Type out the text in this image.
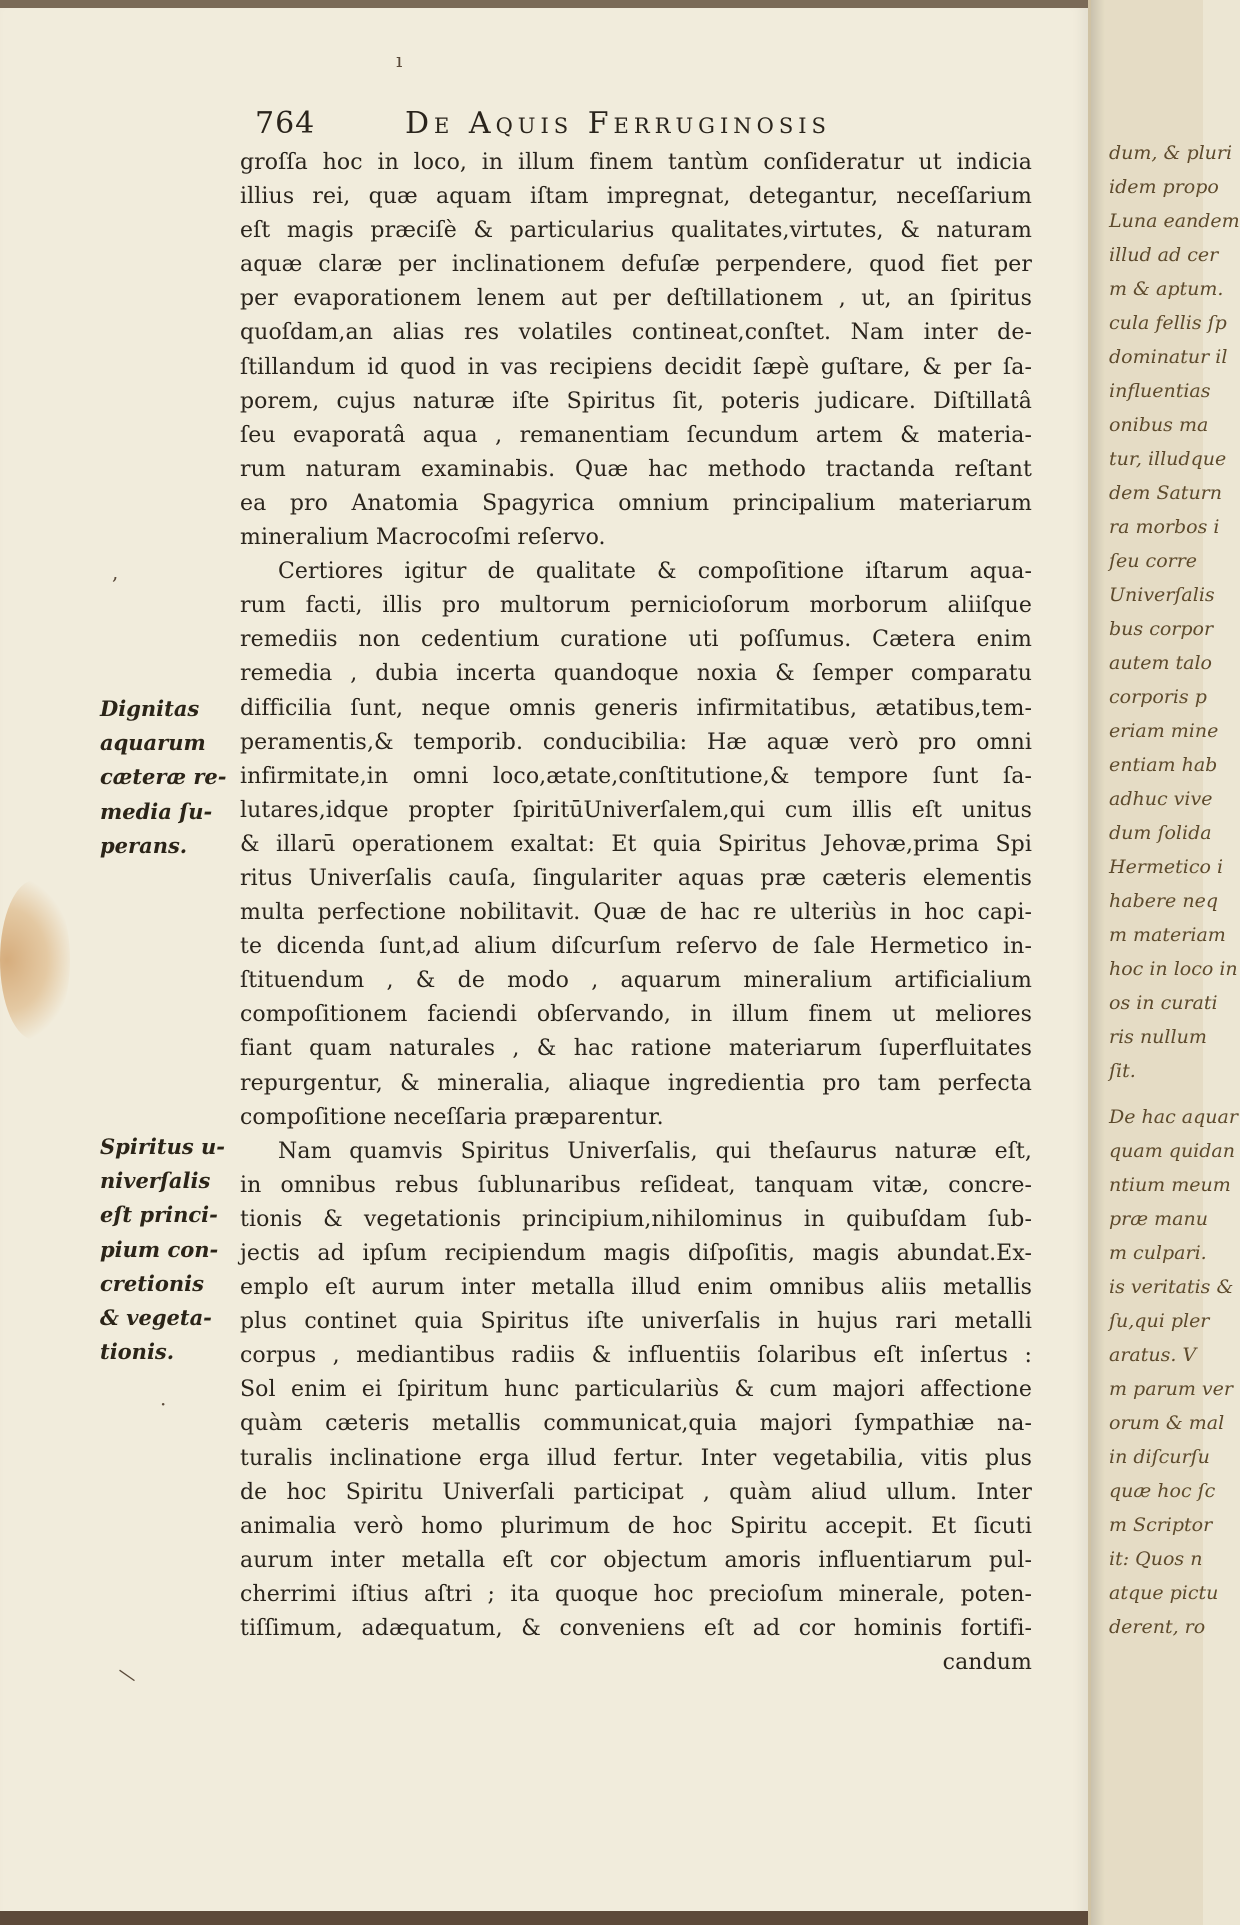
ı
764	De Aquis Ferruginosis
groſſa hoc in loco, in illum finem tantùm conſideratur ut indicia
illius rei, quæ aquam iſtam impregnat, detegantur, neceſſarium
eſt magis præciſè & particularius qualitates,virtutes, & naturam
aquæ claræ per inclinationem defuſæ perpendere, quod fiet per
per evaporationem lenem aut per deſtillationem , ut, an ſpiritus
quoſdam,an alias res volatiles contineat,conſtet. Nam inter de-
ſtillandum id quod in vas recipiens decidit ſæpè guſtare, & per ſa-
porem, cujus naturæ iſte Spiritus ſit, poteris judicare. Diſtillatâ
ſeu evaporatâ aqua , remanentiam ſecundum artem & materia-
rum naturam examinabis. Quæ hac methodo tractanda reſtant
ea pro Anatomia Spagyrica omnium principalium materiarum
mineralium Macrocoſmi reſervo.
Certiores igitur de qualitate & compoſitione iſtarum aqua-
rum facti, illis pro multorum pernicioſorum morborum aliiſque
remediis non cedentium curatione uti poſſumus. Cætera enim
remedia , dubia incerta quandoque noxia & ſemper comparatu
difficilia ſunt, neque omnis generis infirmitatibus, ætatibus,tem-
peramentis,& temporib. conducibilia: Hæ aquæ verò pro omni
infirmitate,in omni loco,ætate,conſtitutione,& tempore ſunt ſa-
lutares,idque propter ſpiritūUniverſalem,qui cum illis eſt unitus
& illarū operationem exaltat: Et quia Spiritus Jehovæ,prima Spi
ritus Univerſalis cauſa, ſingulariter aquas præ cæteris elementis
multa perfectione nobilitavit. Quæ de hac re ulteriùs in hoc capi-
te dicenda ſunt,ad alium diſcurſum reſervo de ſale Hermetico in-
ſtituendum , & de modo , aquarum mineralium artificialium
compoſitionem faciendi obſervando, in illum finem ut meliores
fiant quam naturales , & hac ratione materiarum ſuperfluitates
repurgentur, & mineralia, aliaque ingredientia pro tam perfecta
compoſitione neceſſaria præparentur.
Nam quamvis Spiritus Univerſalis, qui theſaurus naturæ eſt,
in omnibus rebus ſublunaribus reſideat, tanquam vitæ, concre-
tionis & vegetationis principium,nihilominus in quibuſdam ſub-
jectis ad ipſum recipiendum magis diſpoſitis, magis abundat.Ex-
emplo eſt aurum inter metalla illud enim omnibus aliis metallis
plus continet quia Spiritus iſte univerſalis in hujus rari metalli
corpus , mediantibus radiis & influentiis ſolaribus eſt inſertus :
Sol enim ei ſpiritum hunc particulariùs & cum majori affectione
quàm cæteris metallis communicat,quia majori ſympathiæ na-
turalis inclinatione erga illud fertur. Inter vegetabilia, vitis plus
de hoc Spiritu Univerſali participat , quàm aliud ullum. Inter
animalia verò homo plurimum de hoc Spiritu accepit. Et ſicuti
aurum inter metalla eſt cor objectum amoris influentiarum pul-
cherrimi iſtius aſtri ; ita quoque hoc precioſum minerale, poten-
tiſſimum, adæquatum, & conveniens eſt ad cor hominis fortifi-
candum
Dignitas
aquarum
cæteræ re-
media ſu-
perans.
Spiritus u-
niverſalis
eſt princi-
pium con-
cretionis
& vegeta-
tionis.
,
·
—
dum, & pluri
idem propo
Luna eandem
illud ad cer
m & aptum.
cula fellis ſp
dominatur il
influentias
onibus ma
tur, illudque
dem Saturn
ra morbos i
ſeu corre
Univerſalis
bus corpor
autem talo
corporis p
eriam mine
entiam hab
adhuc vive
dum ſolida
Hermetico i
habere neq
m materiam
hoc in loco in
os in curati
ris nullum
ſit.
De hac aquar
quam quidan
ntium meum
præ manu
m culpari.
is veritatis &
ſu,qui pler
aratus. V
m parum ver
orum & mal
in diſcurſu
quæ hoc ſc
m Scriptor
it: Quos n
atque pictu
derent, ro
